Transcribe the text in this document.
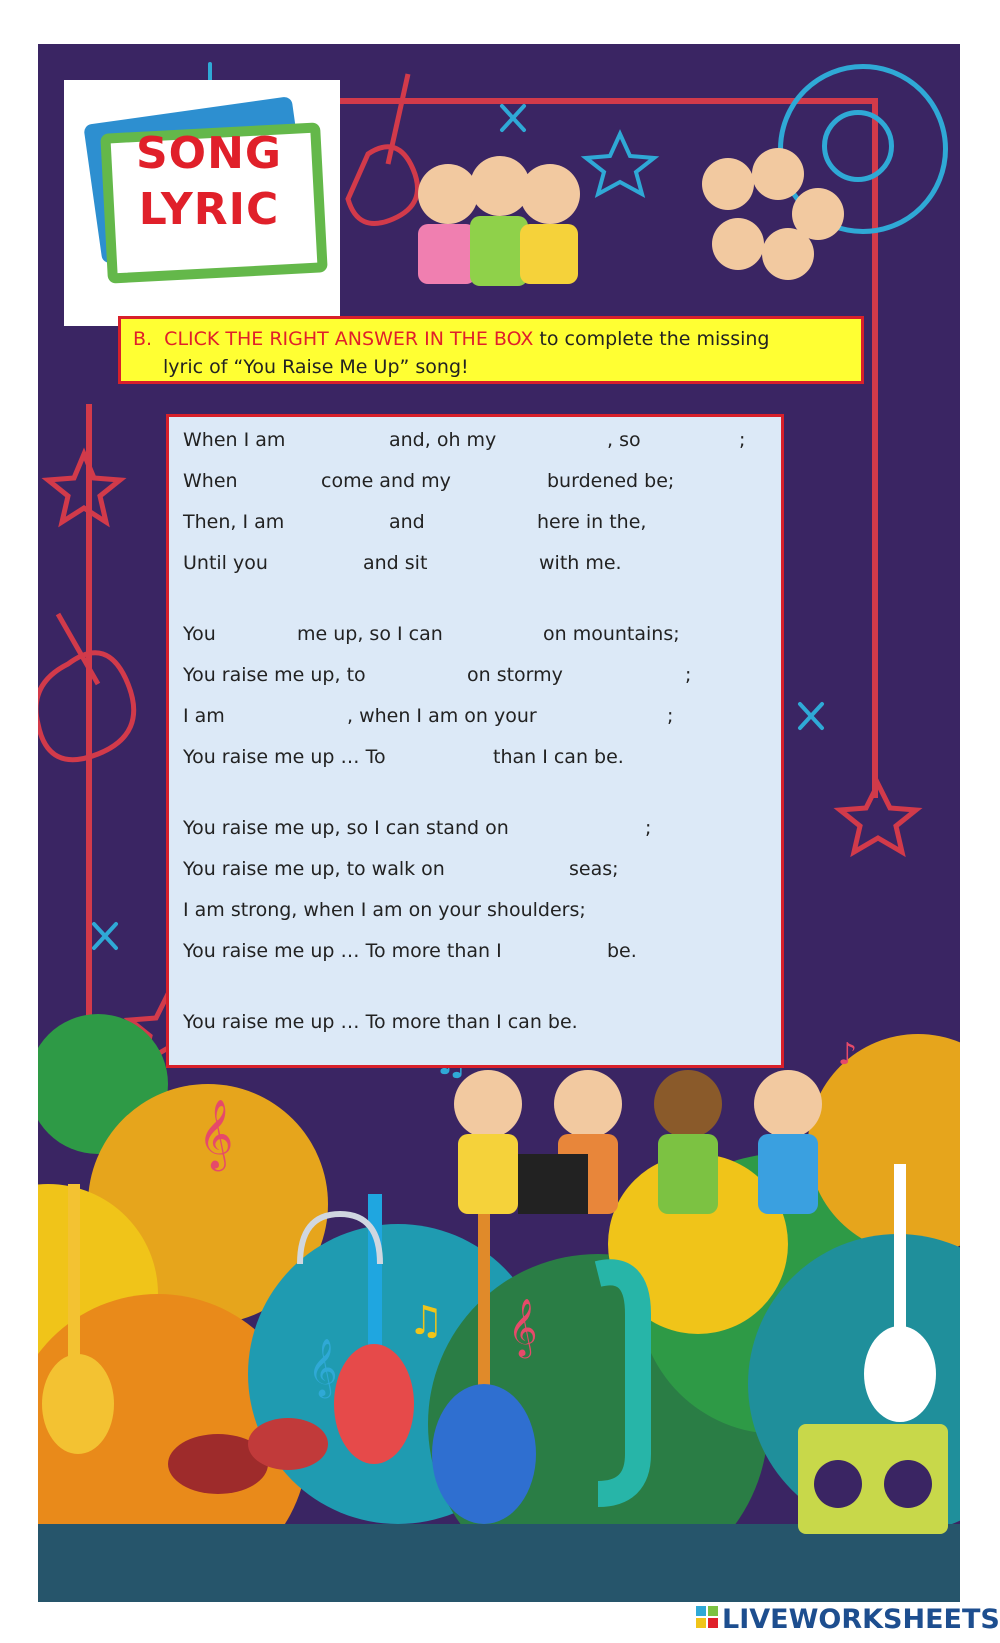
𝄞
𝄞
𝄞
♫
♪
SONG
LYRIC
B. CLICK THE RIGHT ANSWER IN THE BOX to complete the missing
lyric of “You Raise Me Up” song!
When I am	and, oh my	, so	;
When	come and my	burdened be;
Then, I am	and	here in the,
Until you	and sit	with me.
You	me up, so I can	on mountains;
You raise me up, to	on stormy	;
I am	, when I am on your	;
You raise me up … To	than I can be.
You raise me up, so I can stand on	;
You raise me up, to walk on	seas;
I am strong, when I am on your shoulders;
You raise me up … To more than I	be.
You raise me up … To more than I can be.
LIVEWORKSHEETS
